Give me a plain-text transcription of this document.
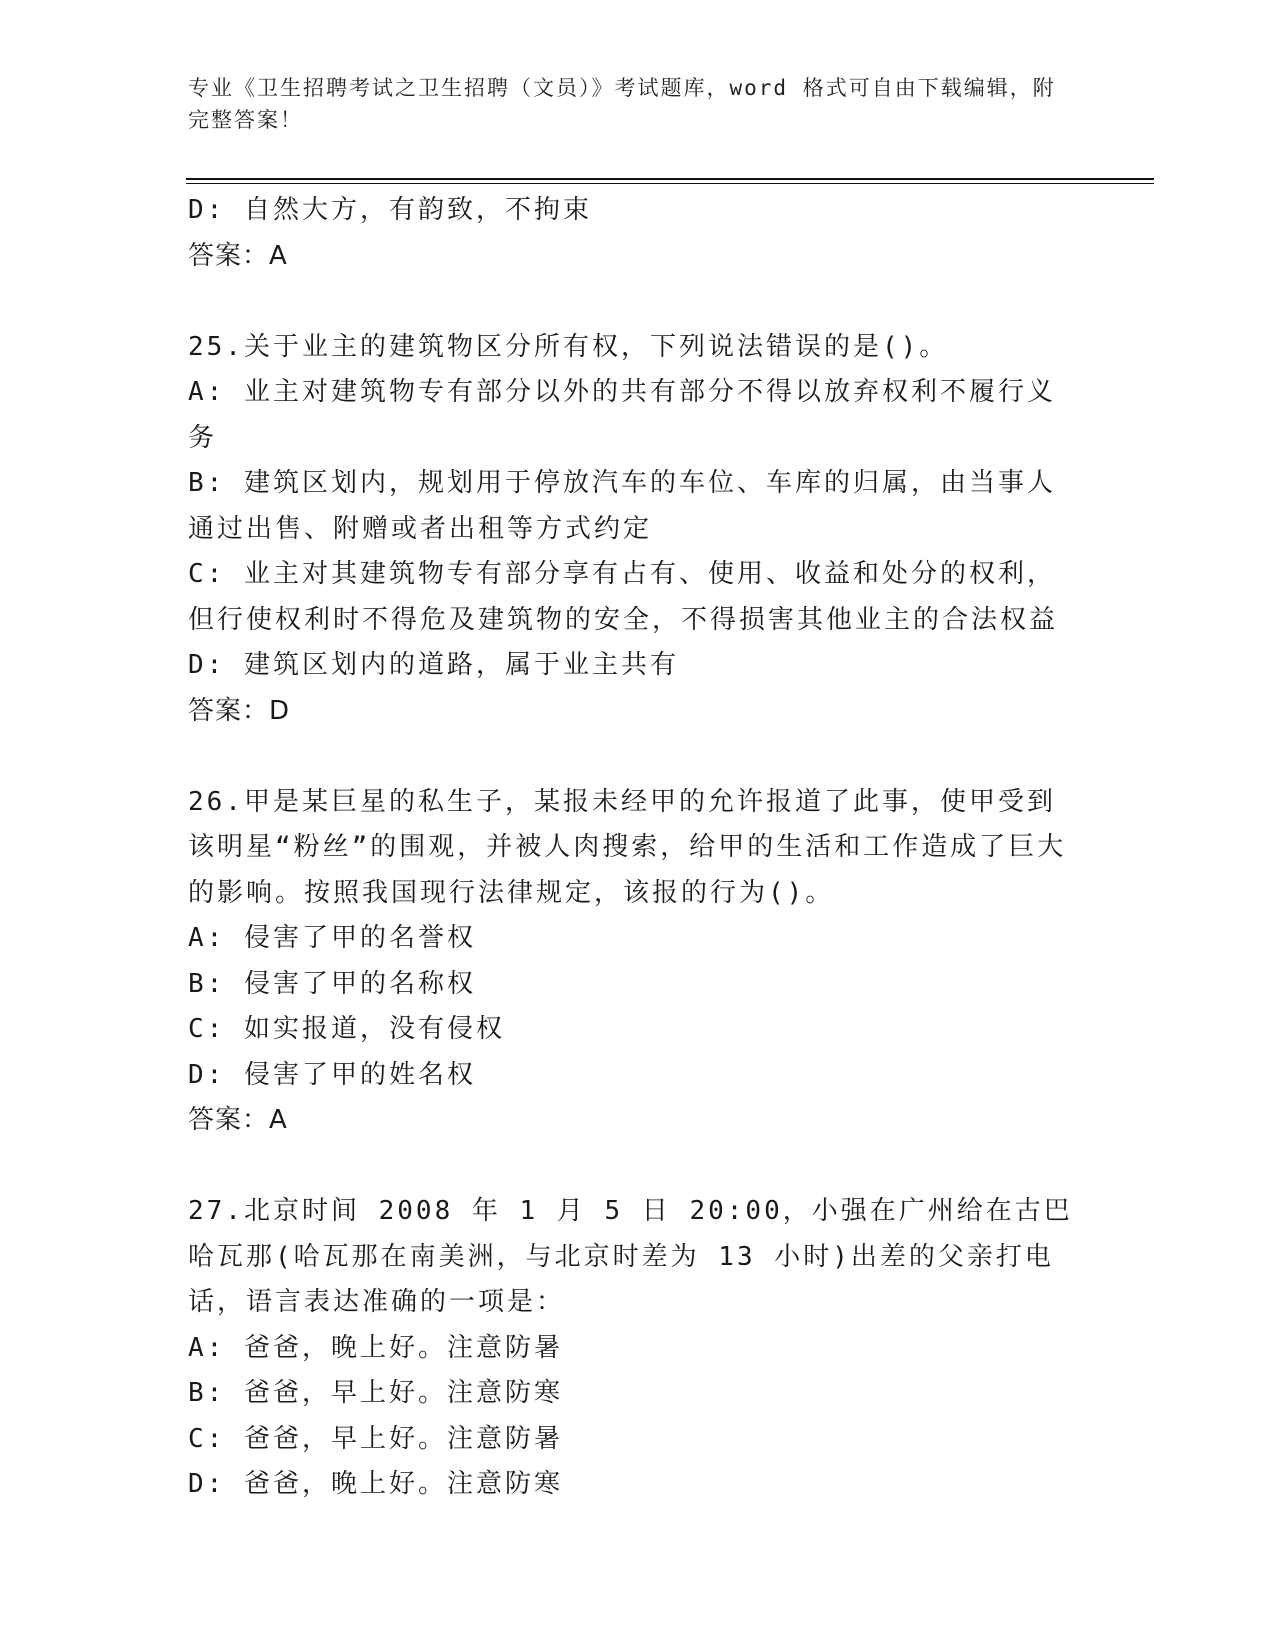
专业《卫生招聘考试之卫生招聘（文员）》考试题库，word 格式可自由下载编辑，附完整答案！
D: 自然大方，有韵致，不拘束
答案：A
25.关于业主的建筑物区分所有权，下列说法错误的是()。
A: 业主对建筑物专有部分以外的共有部分不得以放弃权利不履行义务
B: 建筑区划内，规划用于停放汽车的车位、车库的归属，由当事人通过出售、附赠或者出租等方式约定
C: 业主对其建筑物专有部分享有占有、使用、收益和处分的权利，但行使权利时不得危及建筑物的安全，不得损害其他业主的合法权益
D: 建筑区划内的道路，属于业主共有
答案：D
26.甲是某巨星的私生子，某报未经甲的允许报道了此事，使甲受到该明星“粉丝”的围观，并被人肉搜索，给甲的生活和工作造成了巨大的影响。按照我国现行法律规定，该报的行为()。
A: 侵害了甲的名誉权
B: 侵害了甲的名称权
C: 如实报道，没有侵权
D: 侵害了甲的姓名权
答案：A
27.北京时间 2008 年 1 月 5 日 20:00，小强在广州给在古巴哈瓦那(哈瓦那在南美洲，与北京时差为 13 小时)出差的父亲打电话，语言表达准确的一项是：
A: 爸爸，晚上好。注意防暑
B: 爸爸，早上好。注意防寒
C: 爸爸，早上好。注意防暑
D: 爸爸，晚上好。注意防寒
